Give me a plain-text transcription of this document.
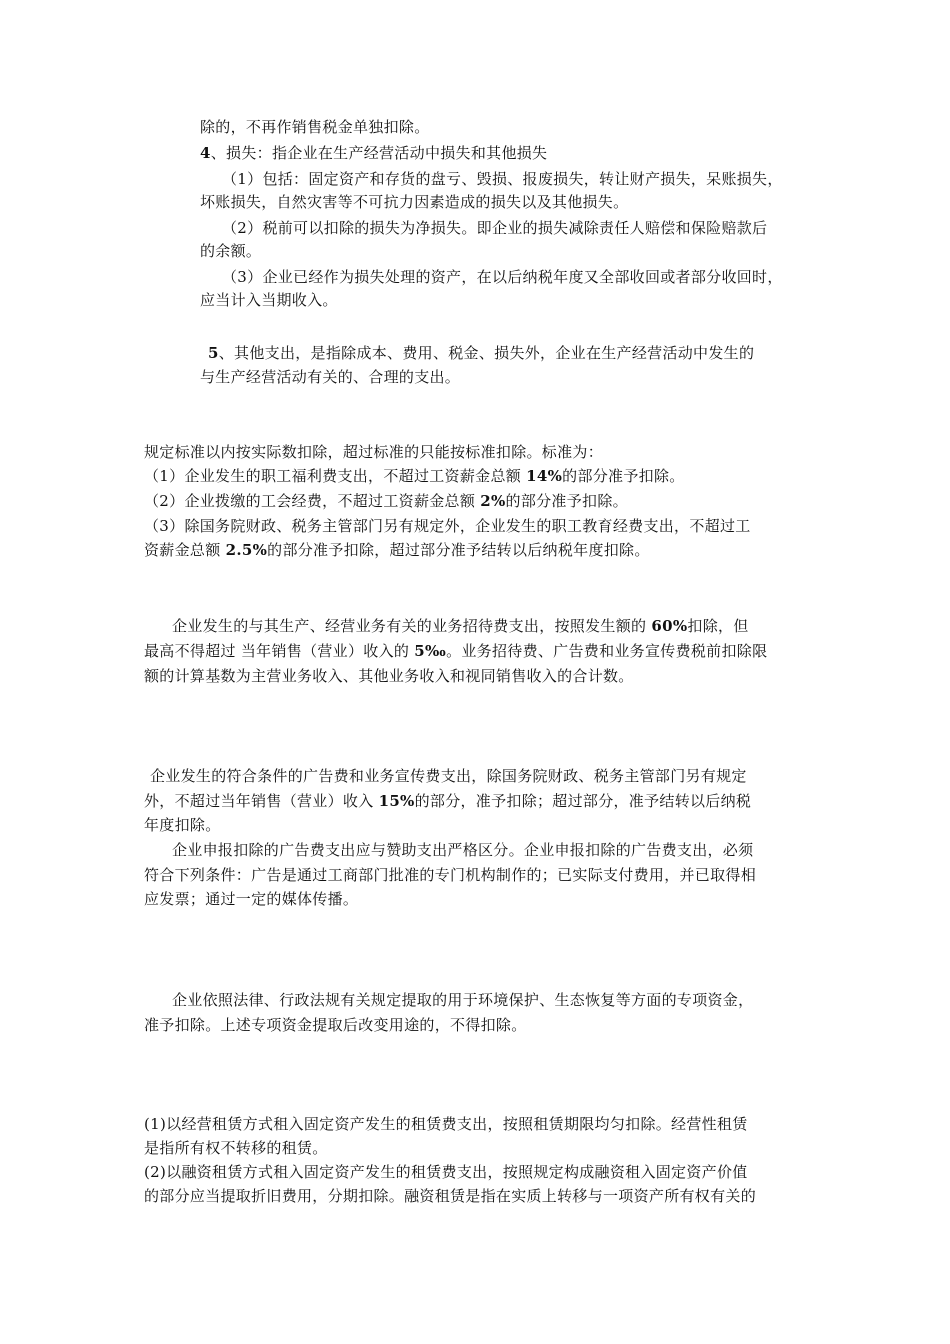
除的，不再作销售税金单独扣除。
4、损失：指企业在生产经营活动中损失和其他损失
（1）包括：固定资产和存货的盘亏、毁损、报废损失，转让财产损失，呆账损失，
坏账损失，自然灾害等不可抗力因素造成的损失以及其他损失。
（2）税前可以扣除的损失为净损失。即企业的损失减除责任人赔偿和保险赔款后
的余额。
（3）企业已经作为损失处理的资产，在以后纳税年度又全部收回或者部分收回时，
应当计入当期收入。
5、其他支出，是指除成本、费用、税金、损失外，企业在生产经营活动中发生的
与生产经营活动有关的、合理的支出。
规定标准以内按实际数扣除，超过标准的只能按标准扣除。标准为：
（1）企业发生的职工福利费支出，不超过工资薪金总额 14%的部分准予扣除。
（2）企业拨缴的工会经费，不超过工资薪金总额 2%的部分准予扣除。
（3）除国务院财政、税务主管部门另有规定外，企业发生的职工教育经费支出，不超过工
资薪金总额 2.5%的部分准予扣除，超过部分准予结转以后纳税年度扣除。
企业发生的与其生产、经营业务有关的业务招待费支出，按照发生额的 60%扣除，但
最高不得超过 当年销售（营业）收入的 5‰。业务招待费、广告费和业务宣传费税前扣除限
额的计算基数为主营业务收入、其他业务收入和视同销售收入的合计数。
企业发生的符合条件的广告费和业务宣传费支出，除国务院财政、税务主管部门另有规定
外，不超过当年销售（营业）收入 15%的部分，准予扣除；超过部分，准予结转以后纳税
年度扣除。
企业申报扣除的广告费支出应与赞助支出严格区分。企业申报扣除的广告费支出，必须
符合下列条件：广告是通过工商部门批准的专门机构制作的；已实际支付费用，并已取得相
应发票；通过一定的媒体传播。
企业依照法律、行政法规有关规定提取的用于环境保护、生态恢复等方面的专项资金，
准予扣除。上述专项资金提取后改变用途的，不得扣除。
(1)以经营租赁方式租入固定资产发生的租赁费支出，按照租赁期限均匀扣除。经营性租赁
是指所有权不转移的租赁。
(2)以融资租赁方式租入固定资产发生的租赁费支出，按照规定构成融资租入固定资产价值
的部分应当提取折旧费用，分期扣除。融资租赁是指在实质上转移与一项资产所有权有关的
